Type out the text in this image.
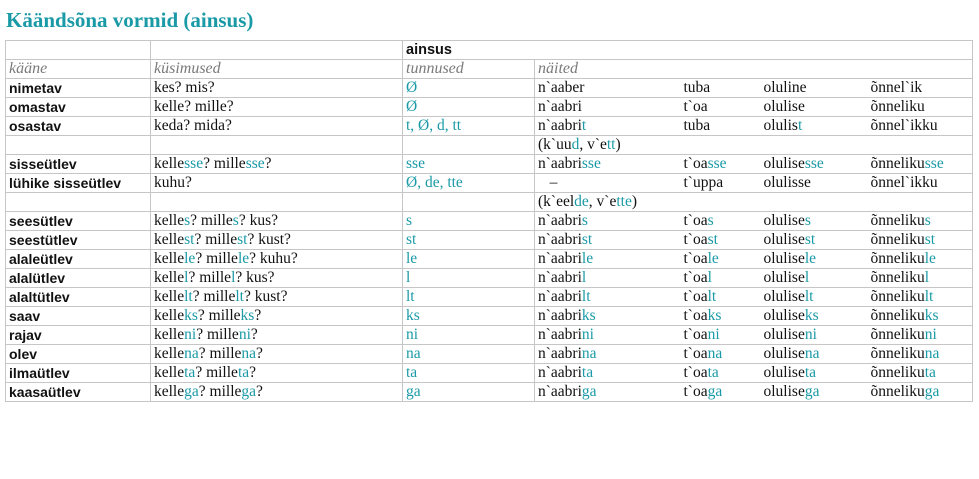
Käändsõna vormid (ainsus)
		ainsus				
kääne	küsimused	tunnused	näited			
nimetav	kes? mis?	Ø	n`aaber	tuba	oluline	õnnel`ik
omastav	kelle? mille?	Ø	n`aabri	t`oa	olulise	õnneliku
osastav	keda? mida?	t, Ø, d, tt	n`aabrit	tuba	olulist	õnnel`ikku
			(k`uud, v`ett)			
sisseütlev	kellesse? millesse?	sse	n`aabrisse	t`oasse	olulisesse	õnnelikusse
lühike sisseütlev	kuhu?	Ø, de, tte	–	t`uppa	olulisse	õnnel`ikku
			(k`eelde, v`ette)			
seesütlev	kelles? milles? kus?	s	n`aabris	t`oas	olulises	õnnelikus
seestütlev	kellest? millest? kust?	st	n`aabrist	t`oast	olulisest	õnnelikust
alaleütlev	kellele? millele? kuhu?	le	n`aabrile	t`oale	olulisele	õnnelikule
alalütlev	kellel? millel? kus?	l	n`aabril	t`oal	olulisel	õnnelikul
alaltütlev	kellelt? millelt? kust?	lt	n`aabrilt	t`oalt	oluliselt	õnnelikult
saav	kelleks? milleks?	ks	n`aabriks	t`oaks	oluliseks	õnnelikuks
rajav	kelleni? milleni?	ni	n`aabrini	t`oani	oluliseni	õnnelikuni
olev	kellena? millena?	na	n`aabrina	t`oana	olulisena	õnnelikuna
ilmaütlev	kelleta? milleta?	ta	n`aabrita	t`oata	oluliseta	õnnelikuta
kaasaütlev	kellega? millega?	ga	n`aabriga	t`oaga	olulisega	õnnelikuga
